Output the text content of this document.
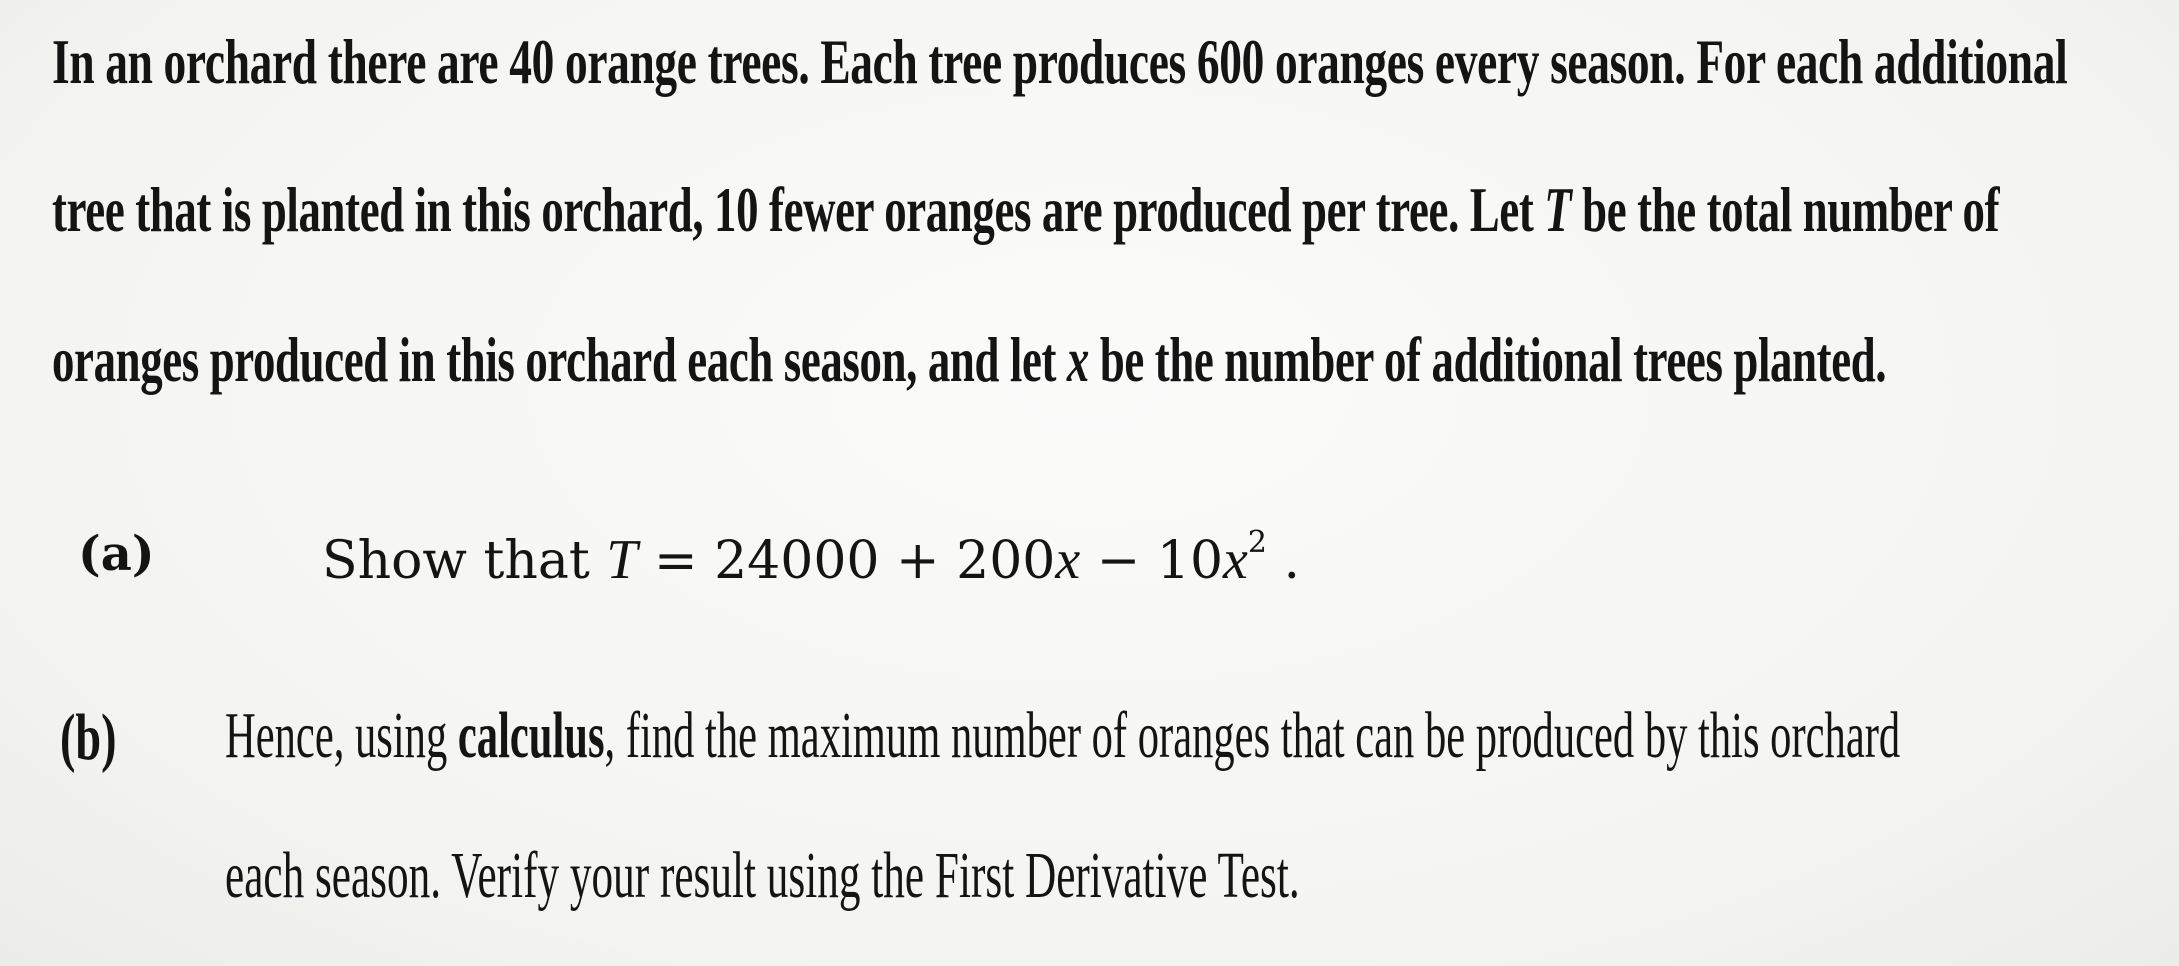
In an orchard there are 40 orange trees. Each tree produces 600 oranges every season. For each additional
tree that is planted in this orchard, 10 fewer oranges are produced per tree. Let T be the total number of
oranges produced in this orchard each season, and let x be the number of additional trees planted.
(a)	Show that $T = 24000 + 200x - 10x^2$ .
(b) Hence, using calculus, find the maximum number of oranges that can be produced by this orchard
each season. Verify your result using the First Derivative Test.
